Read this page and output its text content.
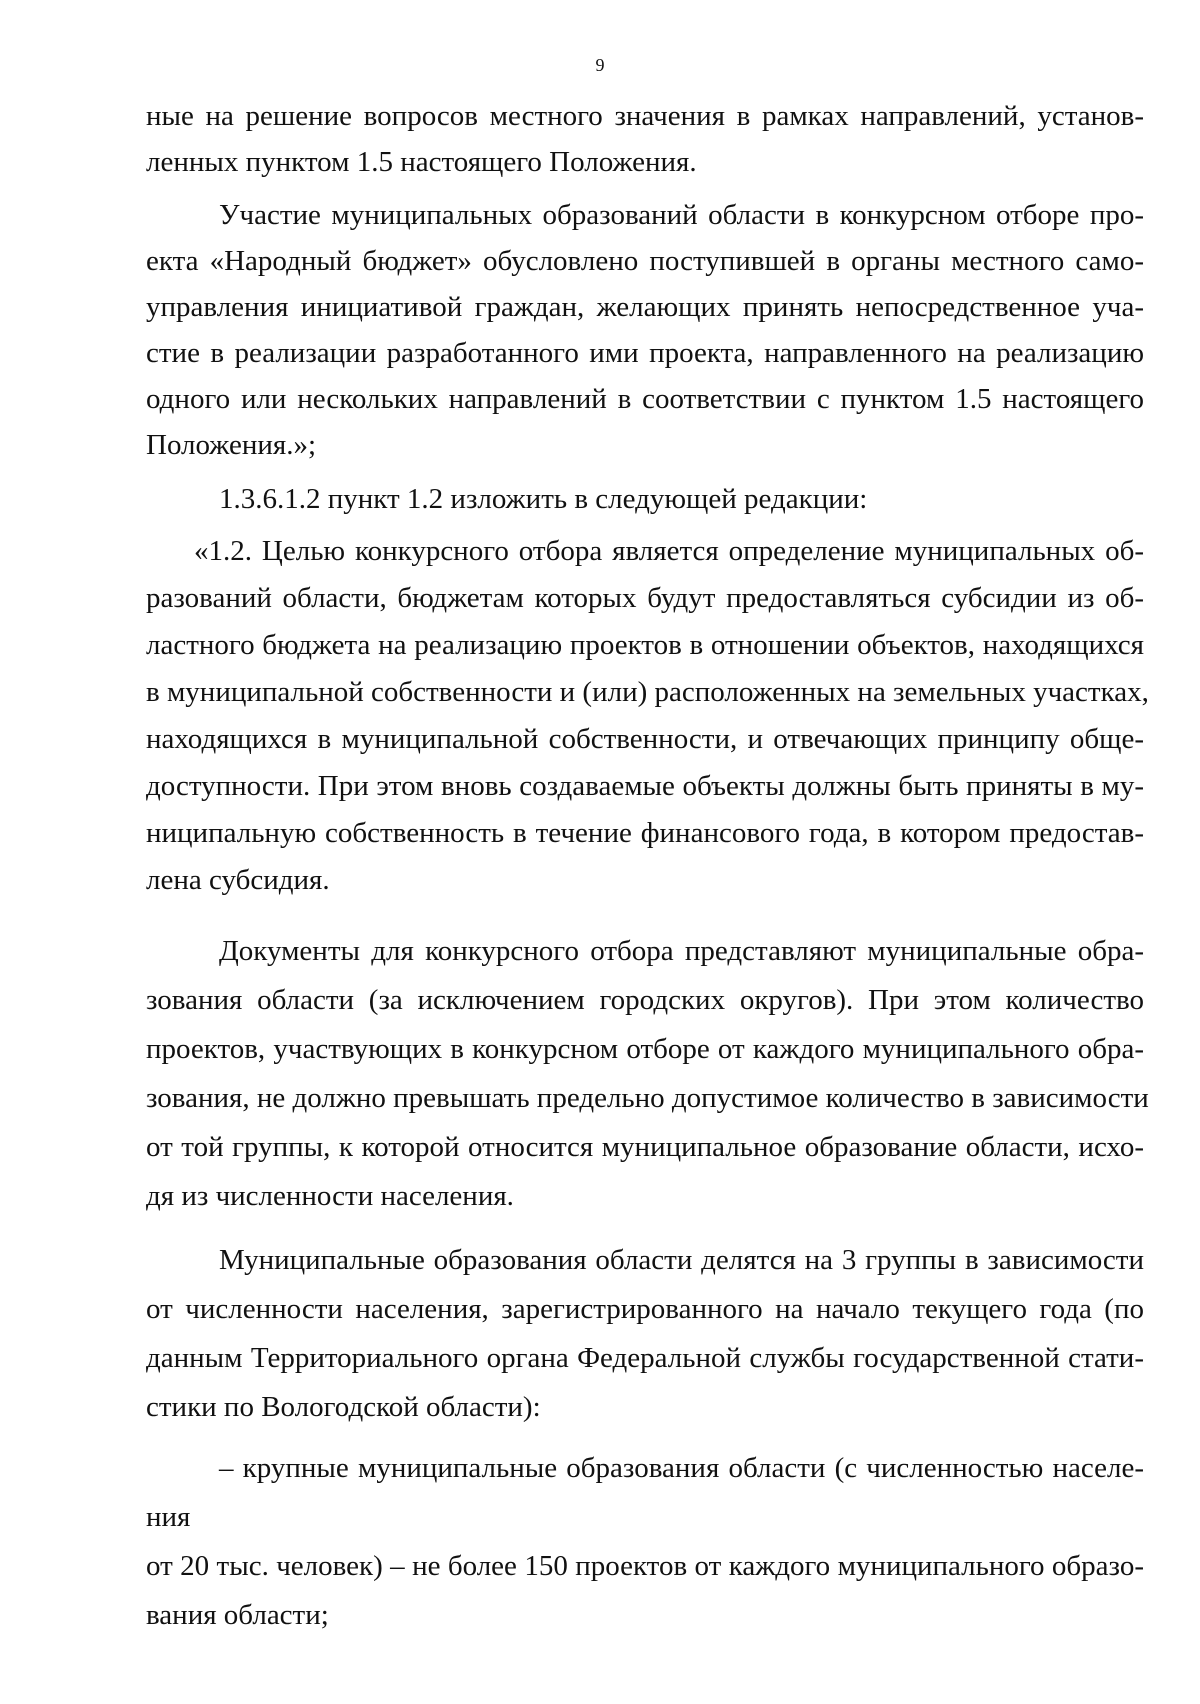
9
ные на решение вопросов местного значения в рамках направлений, установ-
ленных пунктом 1.5 настоящего Положения.
Участие муниципальных образований области в конкурсном отборе про-
екта «Народный бюджет» обусловлено поступившей в органы местного само-
управления инициативой граждан, желающих принять непосредственное уча-
стие в реализации разработанного ими проекта, направленного на реализацию
одного или нескольких направлений в соответствии с пунктом 1.5 настоящего
Положения.»;
1.3.6.1.2 пункт 1.2 изложить в следующей редакции:
«1.2. Целью конкурсного отбора является определение муниципальных об-
разований области, бюджетам которых будут предоставляться субсидии из об-
ластного бюджета на реализацию проектов в отношении объектов, находящихся
в муниципальной собственности и (или) расположенных на земельных участках,
находящихся в муниципальной собственности, и отвечающих принципу обще-
доступности. При этом вновь создаваемые объекты должны быть приняты в му-
ниципальную собственность в течение финансового года, в котором предостав-
лена субсидия.
Документы для конкурсного отбора представляют муниципальные обра-
зования области (за исключением городских округов). При этом количество
проектов, участвующих в конкурсном отборе от каждого муниципального обра-
зования, не должно превышать предельно допустимое количество в зависимости
от той группы, к которой относится муниципальное образование области, исхо-
дя из численности населения.
Муниципальные образования области делятся на 3 группы в зависимости
от численности населения, зарегистрированного на начало текущего года (по
данным Территориального органа Федеральной службы государственной стати-
стики по Вологодской области):
– крупные муниципальные образования области (с численностью населе-
ния
от 20 тыс. человек) – не более 150 проектов от каждого муниципального образо-
вания области;
